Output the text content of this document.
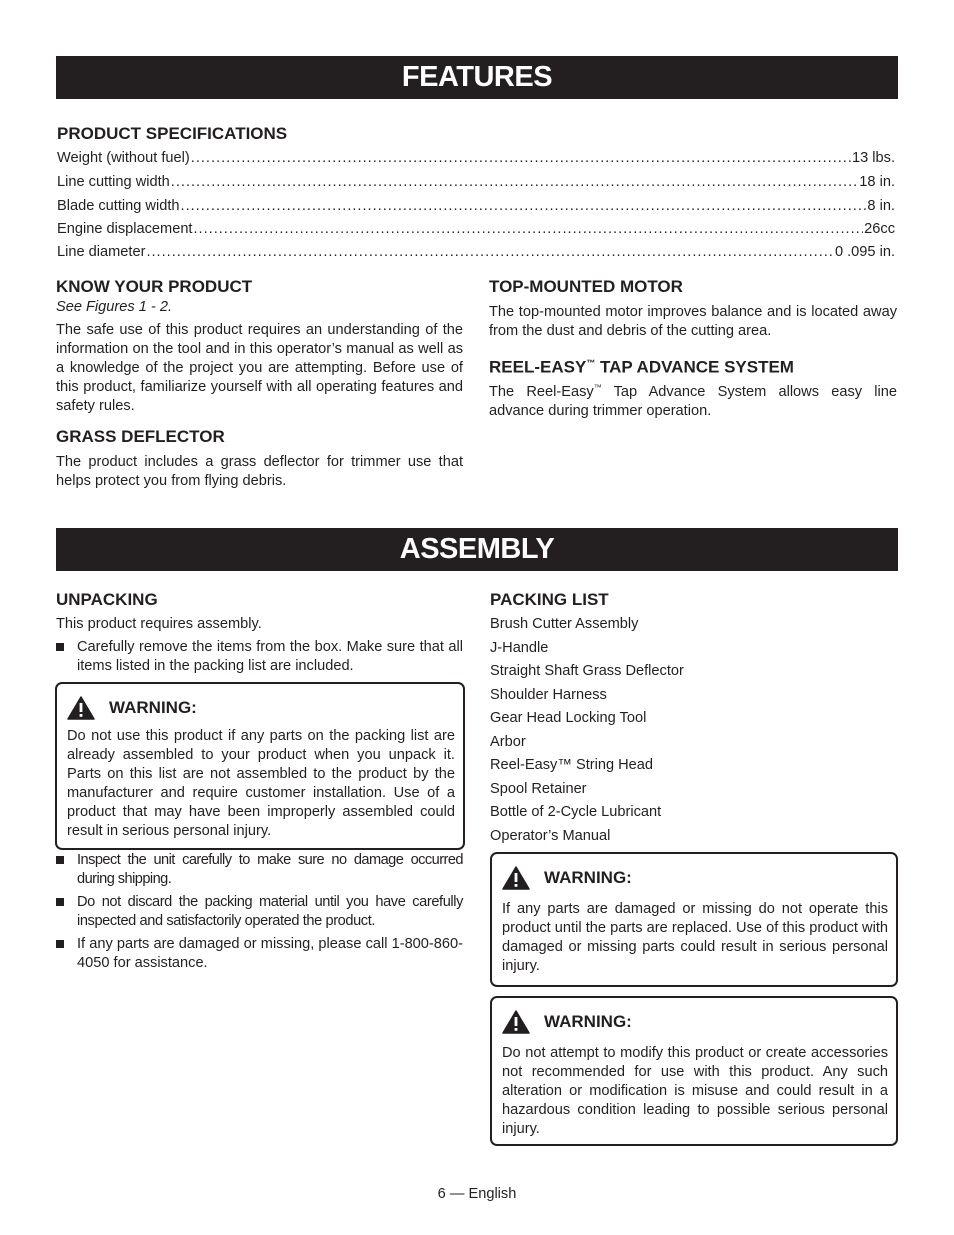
FEATURES
PRODUCT SPECIFICATIONS
Weight (without fuel) .....	13 lbs.
Line cutting width .....	18 in.
Blade cutting width .....	8 in.
Engine displacement .....	26cc
Line diameter .....	0 .095 in.
KNOW YOUR PRODUCT
See Figures 1 - 2.
The safe use of this product requires an understanding of the information on the tool and in this operator’s manual as well as a knowledge of the project you are attempting. Before use of this product, familiarize yourself with all operating features and safety rules.
GRASS DEFLECTOR
The product includes a grass deflector for trimmer use that helps protect you from flying debris.
TOP-MOUNTED MOTOR
The top-mounted motor improves balance and is located away from the dust and debris of the cutting area.
REEL-EASY™ TAP ADVANCE SYSTEM
The Reel-Easy™ Tap Advance System allows easy line advance during trimmer operation.
ASSEMBLY
UNPACKING
This product requires assembly.
Carefully remove the items from the box. Make sure that all items listed in the packing list are included.
WARNING:
Do not use this product if any parts on the packing list are already assembled to your product when you unpack it. Parts on this list are not assembled to the product by the manufacturer and require customer installation. Use of a product that may have been improperly assembled could result in serious personal injury.
Inspect the unit carefully to make sure no damage occurred during shipping.
Do not discard the packing material until you have carefully inspected and satisfactorily operated the product.
If any parts are damaged or missing, please call 1-800-860-4050 for assistance.
PACKING LIST
Brush Cutter Assembly
J-Handle
Straight Shaft Grass Deflector
Shoulder Harness
Gear Head Locking Tool
Arbor
Reel-Easy™ String Head
Spool Retainer
Bottle of 2-Cycle Lubricant
Operator’s Manual
WARNING:
If any parts are damaged or missing do not operate this product until the parts are replaced. Use of this product with damaged or missing parts could result in serious personal injury.
WARNING:
Do not attempt to modify this product or create accessories not recommended for use with this product. Any such alteration or modification is misuse and could result in a hazardous condition leading to possible serious personal injury.
6 — English
